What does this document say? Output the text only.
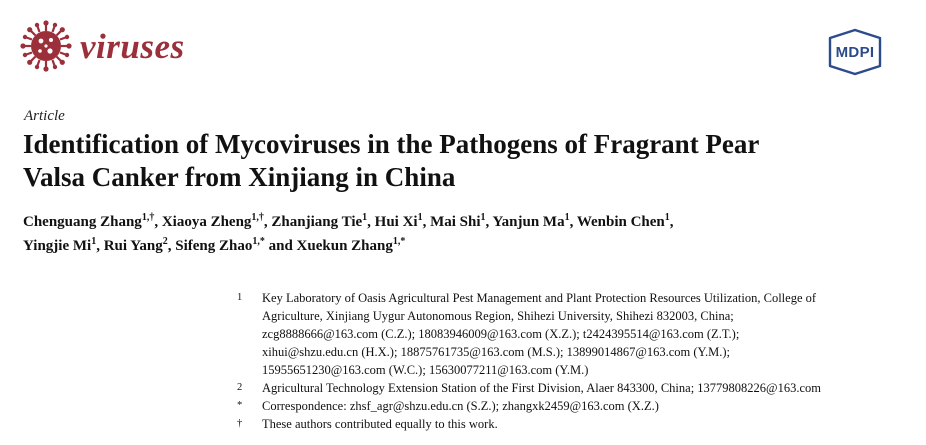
viruses	MDPI
Article
Identification of Mycoviruses in the Pathogens of Fragrant Pear
Valsa Canker from Xinjiang in China

Chenguang Zhang$^{1,\dagger}$, Xiaoya Zheng$^{1,\dagger}$, Zhanjiang Tie$^1$, Hui Xi$^1$, Mai Shi$^1$, Yanjun Ma$^1$, Wenbin Chen$^1$,
Yingjie Mi$^1$, Rui Yang$^2$, Sifeng Zhao$^{1,*}$ and Xuekun Zhang$^{1,*}$

1	Key Laboratory of Oasis Agricultural Pest Management and Plant Protection Resources Utilization, College of
Agriculture, Xinjiang Uygur Autonomous Region, Shihezi University, Shihezi 832003, China;
zcg8888666@163.com (C.Z.); 18083946009@163.com (X.Z.); t2424395514@163.com (Z.T.);
xihui@shzu.edu.cn (H.X.); 18875761735@163.com (M.S.); 13899014867@163.com (Y.M.);
15955651230@163.com (W.C.); 15630077211@163.com (Y.M.)
2	Agricultural Technology Extension Station of the First Division, Alaer 843300, China; 13779808226@163.com
*	Correspondence: zhsf_agr@shzu.edu.cn (S.Z.); zhangxk2459@163.com (X.Z.)
†	These authors contributed equally to this work.
